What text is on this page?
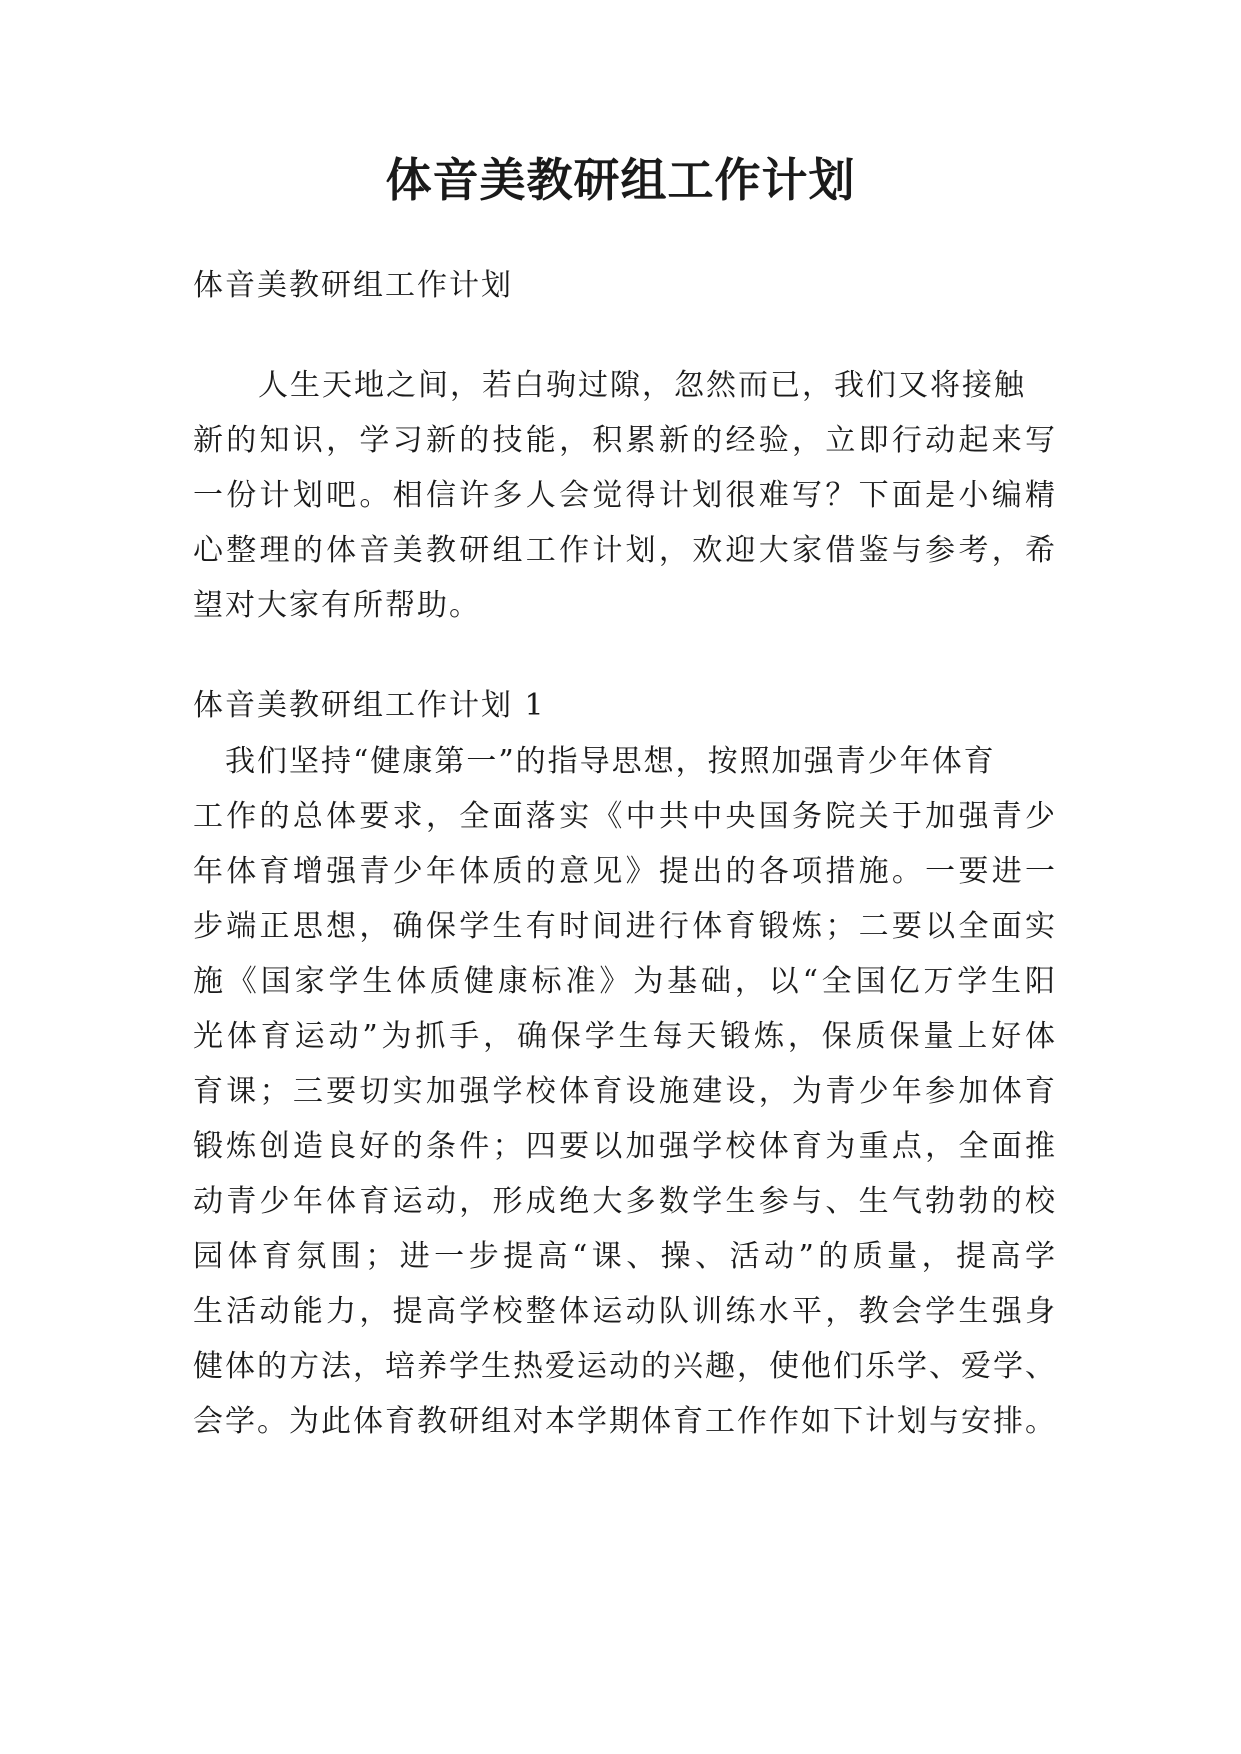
体音美教研组工作计划
体音美教研组工作计划
人生天地之间，若白驹过隙，忽然而已，我们又将接触
新的知识，学习新的技能，积累新的经验，立即行动起来写
一份计划吧。相信许多人会觉得计划很难写？下面是小编精
心整理的体音美教研组工作计划，欢迎大家借鉴与参考，希
望对大家有所帮助。
体音美教研组工作计划 1
我们坚持“健康第一”的指导思想，按照加强青少年体育
工作的总体要求，全面落实《中共中央国务院关于加强青少
年体育增强青少年体质的意见》提出的各项措施。一要进一
步端正思想，确保学生有时间进行体育锻炼；二要以全面实
施《国家学生体质健康标准》为基础，以“全国亿万学生阳
光体育运动”为抓手，确保学生每天锻炼，保质保量上好体
育课；三要切实加强学校体育设施建设，为青少年参加体育
锻炼创造良好的条件；四要以加强学校体育为重点，全面推
动青少年体育运动，形成绝大多数学生参与、生气勃勃的校
园体育氛围；进一步提高“课、操、活动”的质量，提高学
生活动能力，提高学校整体运动队训练水平，教会学生强身
健体的方法，培养学生热爱运动的兴趣，使他们乐学、爱学、
会学。为此体育教研组对本学期体育工作作如下计划与安排。
